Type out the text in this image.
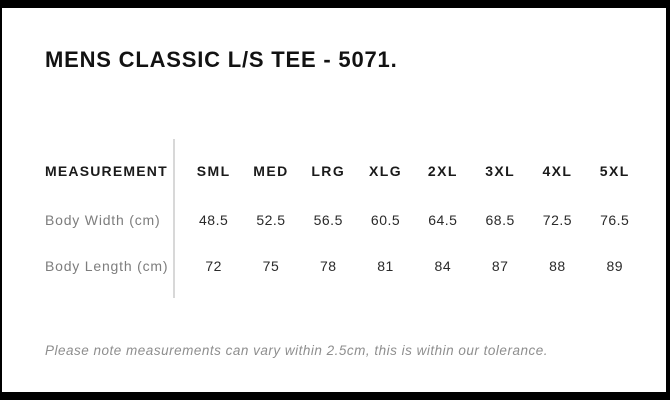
MENS CLASSIC L/S TEE - 5071.
MEASUREMENT	SML	MED	LRG	XLG	2XL	3XL	4XL	5XL
Body Width (cm)	48.5	52.5	56.5	60.5	64.5	68.5	72.5	76.5
Body Length (cm)	72	75	78	81	84	87	88	89

Please note measurements can vary within 2.5cm, this is within our tolerance.
